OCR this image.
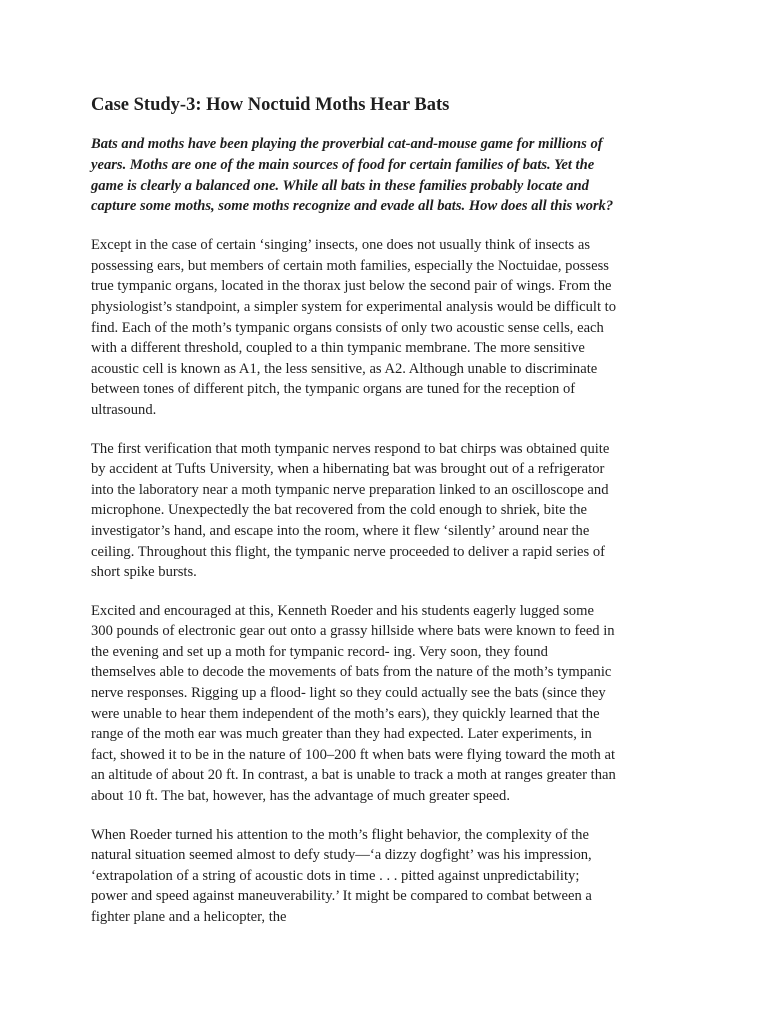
Case Study-3: How Noctuid Moths Hear Bats
Bats and moths have been playing the proverbial cat-and-mouse game for millions of
years. Moths are one of the main sources of food for certain families of bats. Yet the
game is clearly a balanced one. While all bats in these families probably locate and
capture some moths, some moths recognize and evade all bats. How does all this work?
Except in the case of certain ‘singing’ insects, one does not usually think of insects as
possessing ears, but members of certain moth families, especially the Noctuidae, possess
true tympanic organs, located in the thorax just below the second pair of wings. From the
physiologist’s standpoint, a simpler system for experimental analysis would be difficult to
find. Each of the moth’s tympanic organs consists of only two acoustic sense cells, each
with a different threshold, coupled to a thin tympanic membrane. The more sensitive
acoustic cell is known as A1, the less sensitive, as A2. Although unable to discriminate
between tones of different pitch, the tympanic organs are tuned for the reception of
ultrasound.
The first verification that moth tympanic nerves respond to bat chirps was obtained quite
by accident at Tufts University, when a hibernating bat was brought out of a refrigerator
into the laboratory near a moth tympanic nerve preparation linked to an oscilloscope and
microphone. Unexpectedly the bat recovered from the cold enough to shriek, bite the
investigator’s hand, and escape into the room, where it flew ‘silently’ around near the
ceiling. Throughout this flight, the tympanic nerve proceeded to deliver a rapid series of
short spike bursts.
Excited and encouraged at this, Kenneth Roeder and his students eagerly lugged some
300 pounds of electronic gear out onto a grassy hillside where bats were known to feed in
the evening and set up a moth for tympanic record- ing. Very soon, they found
themselves able to decode the movements of bats from the nature of the moth’s tympanic
nerve responses. Rigging up a flood- light so they could actually see the bats (since they
were unable to hear them independent of the moth’s ears), they quickly learned that the
range of the moth ear was much greater than they had expected. Later experiments, in
fact, showed it to be in the nature of 100–200 ft when bats were flying toward the moth at
an altitude of about 20 ft. In contrast, a bat is unable to track a moth at ranges greater than
about 10 ft. The bat, however, has the advantage of much greater speed.
When Roeder turned his attention to the moth’s flight behavior, the complexity of the
natural situation seemed almost to defy study—‘a dizzy dogfight’ was his impression,
‘extrapolation of a string of acoustic dots in time . . . pitted against unpredictability;
power and speed against maneuverability.’ It might be compared to combat between a
fighter plane and a helicopter, the
